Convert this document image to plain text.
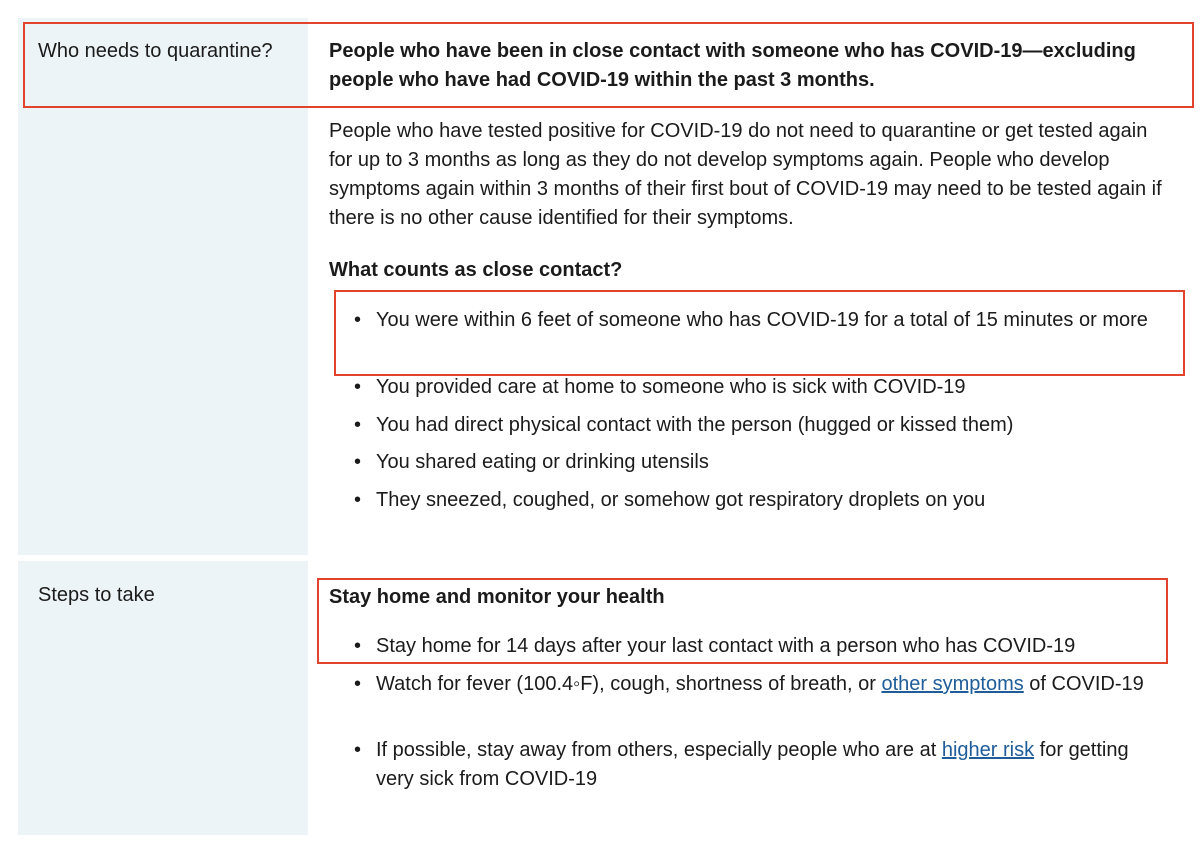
Who needs to quarantine?	People who have been in close contact with someone who has COVID-19—excluding people who have had COVID-19 within the past 3 months.
People who have tested positive for COVID-19 do not need to quarantine or get tested again for up to 3 months as long as they do not develop symptoms again. People who develop symptoms again within 3 months of their first bout of COVID-19 may need to be tested again if there is no other cause identified for their symptoms.
What counts as close contact?
• You were within 6 feet of someone who has COVID-19 for a total of 15 minutes or more
• You provided care at home to someone who is sick with COVID-19
• You had direct physical contact with the person (hugged or kissed them)
• You shared eating or drinking utensils
• They sneezed, coughed, or somehow got respiratory droplets on you
Steps to take	Stay home and monitor your health
• Stay home for 14 days after your last contact with a person who has COVID-19
• Watch for fever (100.4◦F), cough, shortness of breath, or other symptoms of COVID-19
• If possible, stay away from others, especially people who are at higher risk for getting very sick from COVID-19
